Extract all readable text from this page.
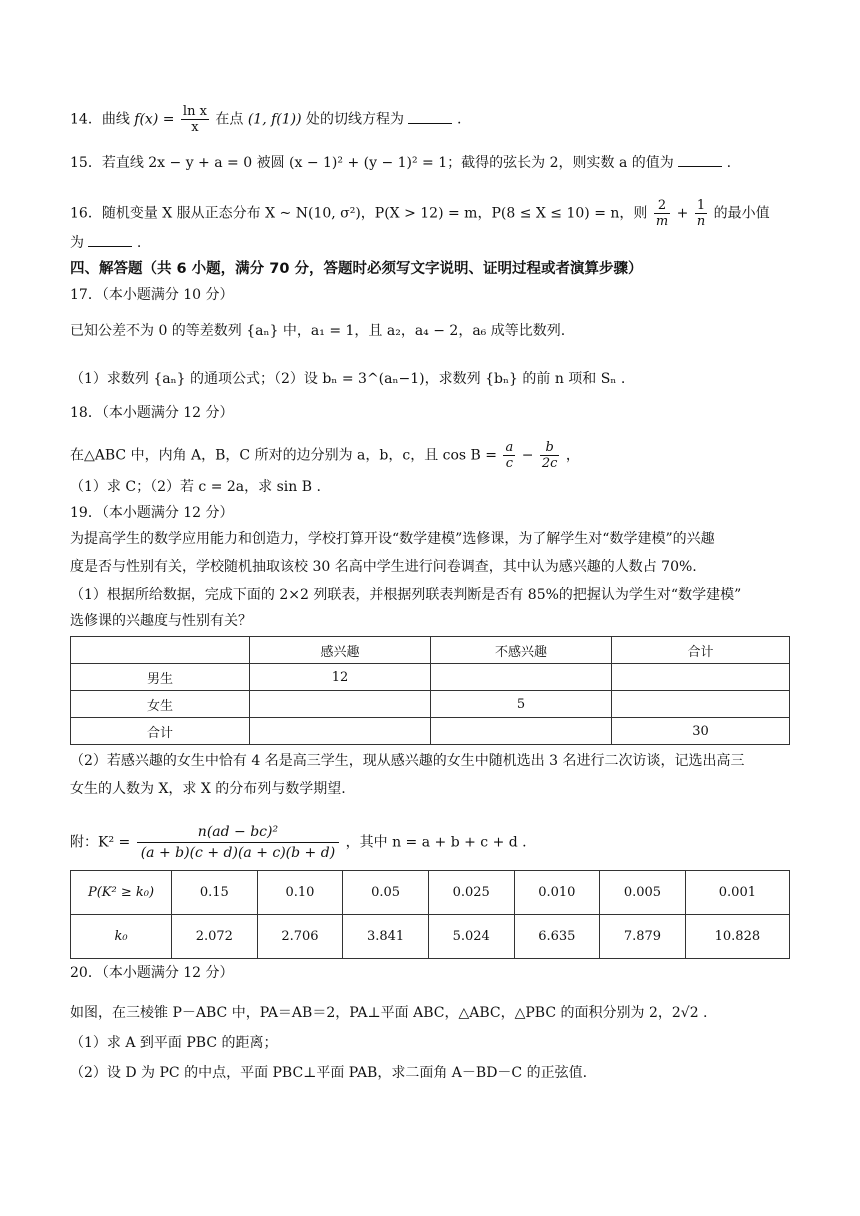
14．曲线 $f(x) = \frac{\text{ln x}}{x}$ 在点 (1, f(1)) 处的切线方程为	.
15．若直线 2x − y + a = 0 被圆 (x − 1)² + (y − 1)² = 1；截得的弦长为 2，则实数 a 的值为	.
16．随机变量 X 服从正态分布 X ~ N(10, σ²)，P(X > 12) = m，P(8 ≤ X ≤ 10) = n，则 $\frac{2}{m} + \frac{1}{n}$ 的最小值
为	.
四、解答题（共 6 小题，满分 70 分，答题时必须写文字说明、证明过程或者演算步骤）
17．（本小题满分 10 分）
已知公差不为 0 的等差数列 {aₙ} 中，a₁ = 1，且 a₂，a₄ − 2，a₆ 成等比数列.
（1）求数列 {aₙ} 的通项公式；（2）设 bₙ = 3^(aₙ−1)，求数列 {bₙ} 的前 n 项和 Sₙ .
18．（本小题满分 12 分）
在△ABC 中，内角 A，B，C 所对的边分别为 a，b，c，且 $\cos B = \frac{a}{c} - \frac{b}{2c}$ ，
（1）求 C；（2）若 c = 2a，求 sin B .
19．（本小题满分 12 分）
为提高学生的数学应用能力和创造力，学校打算开设“数学建模”选修课，为了解学生对“数学建模”的兴趣
度是否与性别有关，学校随机抽取该校 30 名高中学生进行问卷调查，其中认为感兴趣的人数占 70%.
（1）根据所给数据，完成下面的 2×2 列联表，并根据列联表判断是否有 85%的把握认为学生对“数学建模”
选修课的兴趣度与性别有关？
	感兴趣	不感兴趣	合计
男生	12		
女生		5	
合计			30
（2）若感兴趣的女生中恰有 4 名是高三学生，现从感兴趣的女生中随机选出 3 名进行二次访谈，记选出高三
女生的人数为 X，求 X 的分布列与数学期望.
附：$K^2 = \frac{\text{n(ad − bc)²}}{(a + b)(c + d)(a + c)(b + d)}$ ，其中 n = a + b + c + d .
P(K² ≥ k₀)	0.15	0.10	0.05	0.025	0.010	0.005	0.001
k₀	2.072	2.706	3.841	5.024	6.635	7.879	10.828
20．（本小题满分 12 分）
如图，在三棱锥 P－ABC 中，PA＝AB＝2，PA⊥平面 ABC，△ABC，△PBC 的面积分别为 2，2√2 .
（1）求 A 到平面 PBC 的距离；
（2）设 D 为 PC 的中点，平面 PBC⊥平面 PAB，求二面角 A－BD－C 的正弦值.
